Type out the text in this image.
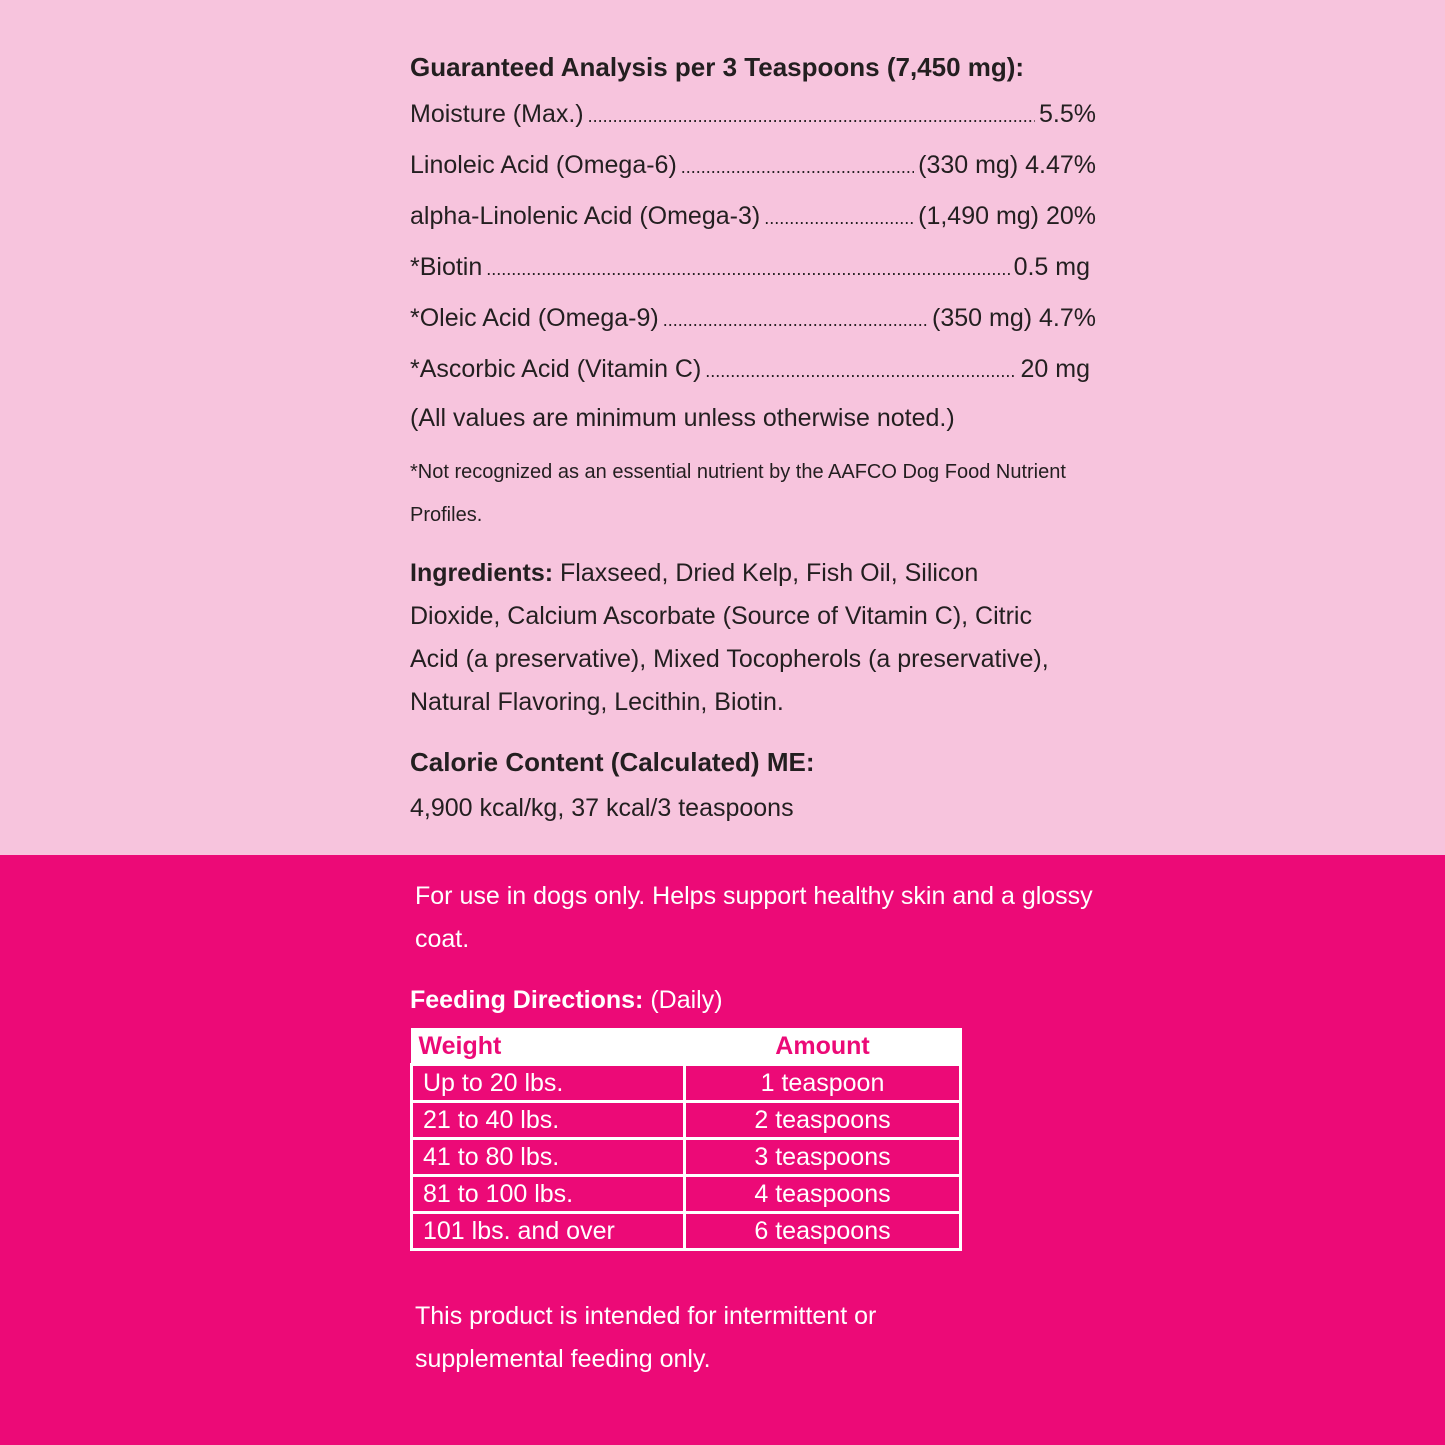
Guaranteed Analysis per 3 Teaspoons (7,450 mg):
Moisture (Max.) .....	5.5%
Linoleic Acid (Omega-6) .....	(330 mg) 4.47%
alpha-Linolenic Acid (Omega-3) .....	(1,490 mg) 20%
*Biotin .....	0.5 mg
*Oleic Acid (Omega-9) .....	(350 mg) 4.7%
*Ascorbic Acid (Vitamin C) .....	20 mg
(All values are minimum unless otherwise noted.)
*Not recognized as an essential nutrient by the AAFCO Dog Food Nutrient Profiles.
Ingredients: Flaxseed, Dried Kelp, Fish Oil, Silicon Dioxide, Calcium Ascorbate (Source of Vitamin C), Citric Acid (a preservative), Mixed Tocopherols (a preservative), Natural Flavoring, Lecithin, Biotin.
Calorie Content (Calculated) ME:
4,900 kcal/kg, 37 kcal/3 teaspoons
For use in dogs only. Helps support healthy skin and a glossy coat.
Feeding Directions: (Daily)
Weight	Amount
Up to 20 lbs.	1 teaspoon
21 to 40 lbs.	2 teaspoons
41 to 80 lbs.	3 teaspoons
81 to 100 lbs.	4 teaspoons
101 lbs. and over	6 teaspoons
This product is intended for intermittent or supplemental feeding only.
